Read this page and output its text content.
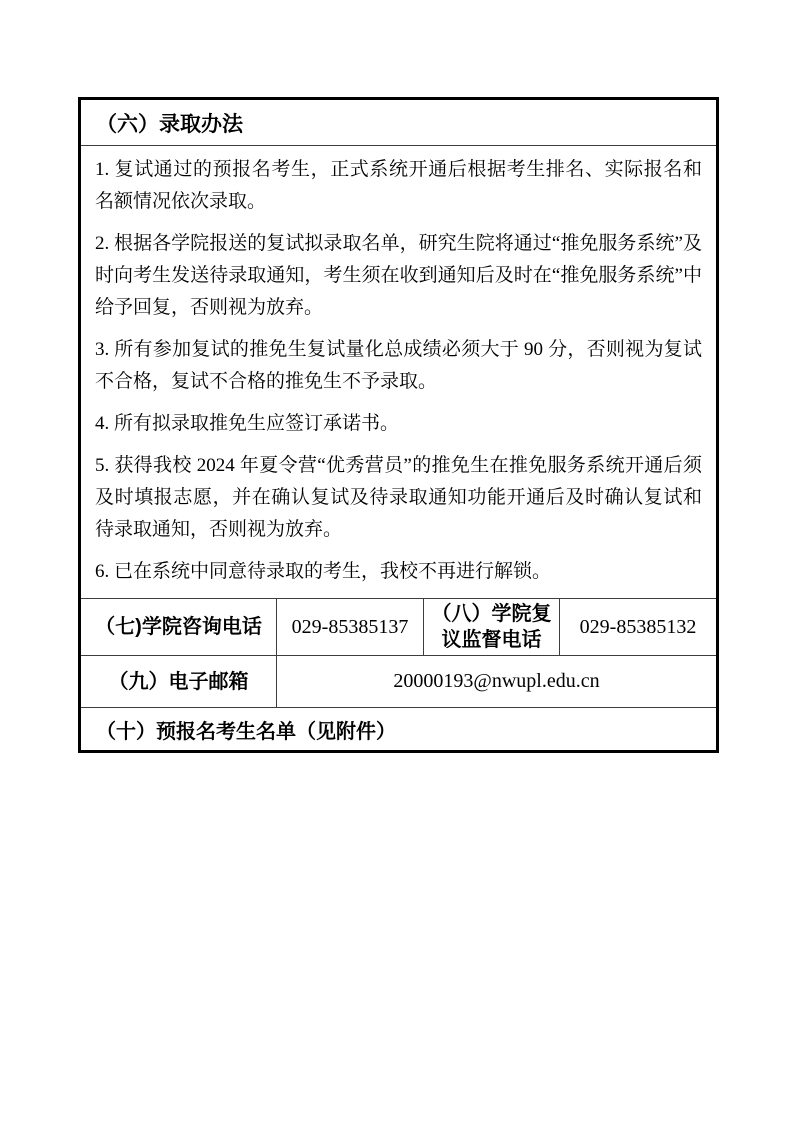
（六）录取办法			

1. 复试通过的预报名考生，正式系统开通后根据考生排名、实际报名和名额情况依次录取。

2. 根据各学院报送的复试拟录取名单，研究生院将通过“推免服务系统”及时向考生发送待录取通知，考生须在收到通知后及时在“推免服务系统”中给予回复，否则视为放弃。

3. 所有参加复试的推免生复试量化总成绩必须大于 90 分，否则视为复试不合格，复试不合格的推免生不予录取。

4. 所有拟录取推免生应签订承诺书。

5. 获得我校 2024 年夏令营“优秀营员”的推免生在推免服务系统开通后须及时填报志愿，并在确认复试及待录取通知功能开通后及时确认复试和待录取通知，否则视为放弃。

6. 已在系统中同意待录取的考生，我校不再进行解锁。

（七)学院咨询电话	029-85385137	（八）学院复议监督电话	029-85385132
（九）电子邮箱	20000193@nwupl.edu.cn		
（十）预报名考生名单（见附件）			
